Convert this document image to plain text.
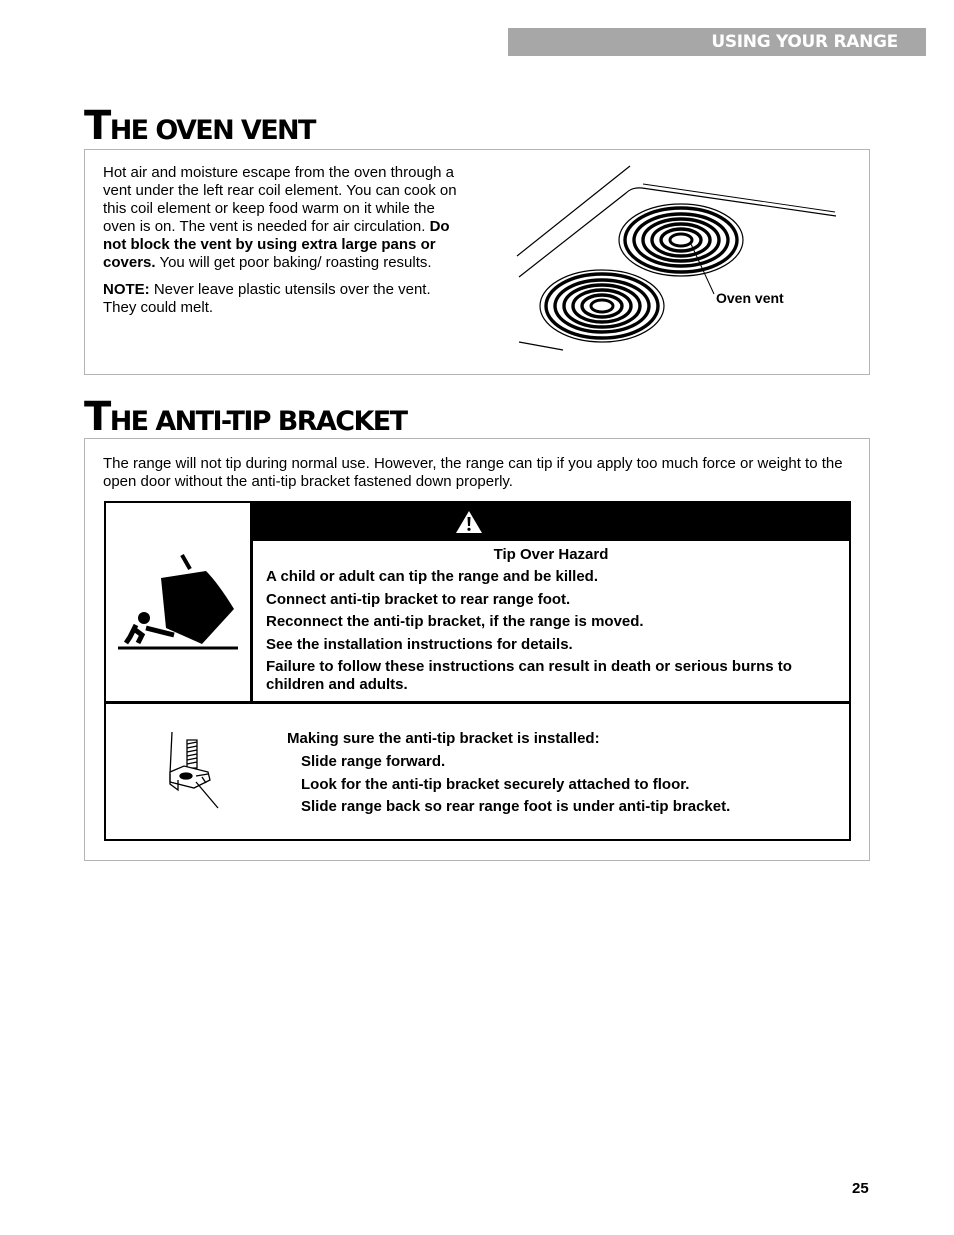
USING YOUR RANGE
THE OVEN VENT

Hot air and moisture escape from the oven through a vent under the left rear coil element. You can cook on this coil element or keep food warm on it while the oven is on. The vent is needed for air circulation. Do not block the vent by using extra large pans or covers. You will get poor baking/ roasting results.

NOTE: Never leave plastic utensils over the vent. They could melt.

Oven vent
THE ANTI-TIP BRACKET

The range will not tip during normal use. However, the range can tip if you apply too much force or weight to the open door without the anti-tip bracket fastened down properly.

Tip Over Hazard
A child or adult can tip the range and be killed.
Connect anti-tip bracket to rear range foot.
Reconnect the anti-tip bracket, if the range is moved.
See the installation instructions for details.
Failure to follow these instructions can result in death or serious burns to children and adults.
Making sure the anti-tip bracket is installed:
Slide range forward.
Look for the anti-tip bracket securely attached to floor.
Slide range back so rear range foot is under anti-tip bracket.
25
